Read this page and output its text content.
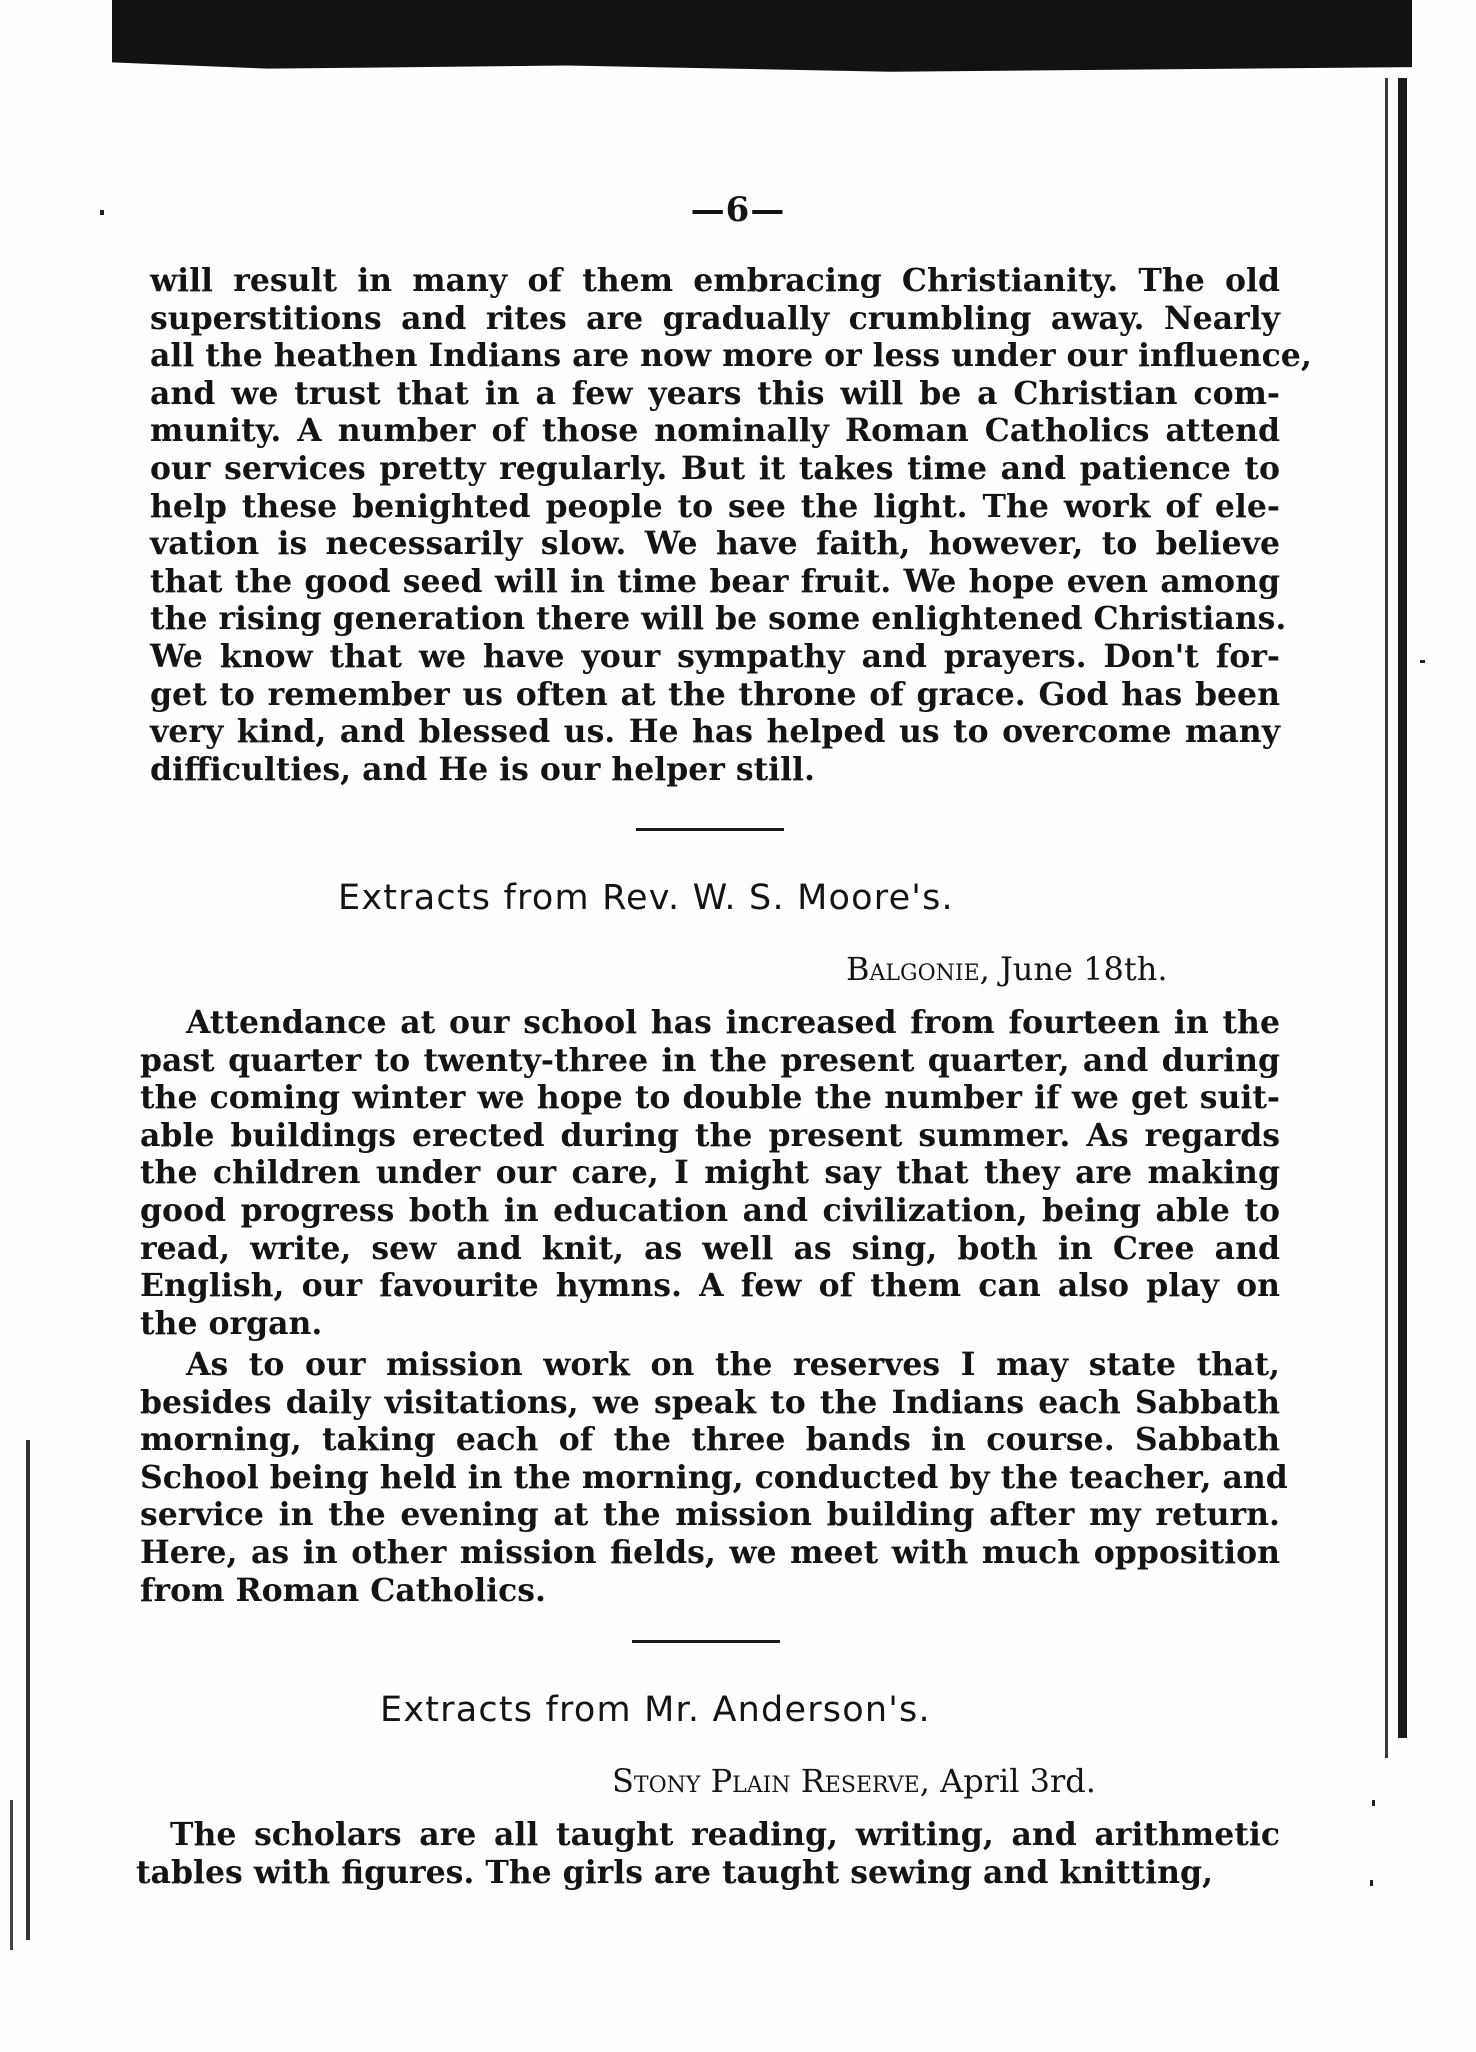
—6—
will result in many of them embracing Christianity. The old
superstitions and rites are gradually crumbling away. Nearly
all the heathen Indians are now more or less under our influence,
and we trust that in a few years this will be a Christian com-
munity. A number of those nominally Roman Catholics attend
our services pretty regularly. But it takes time and patience to
help these benighted people to see the light. The work of ele-
vation is necessarily slow. We have faith, however, to believe
that the good seed will in time bear fruit. We hope even among
the rising generation there will be some enlightened Christians.
We know that we have your sympathy and prayers. Don't for-
get to remember us often at the throne of grace. God has been
very kind, and blessed us. He has helped us to overcome many
difficulties, and He is our helper still.
Extracts from Rev. W. S. Moore's.
Balgonie, June 18th.
Attendance at our school has increased from fourteen in the
past quarter to twenty-three in the present quarter, and during
the coming winter we hope to double the number if we get suit-
able buildings erected during the present summer. As regards
the children under our care, I might say that they are making
good progress both in education and civilization, being able to
read, write, sew and knit, as well as sing, both in Cree and
English, our favourite hymns. A few of them can also play on
the organ.
As to our mission work on the reserves I may state that,
besides daily visitations, we speak to the Indians each Sabbath
morning, taking each of the three bands in course. Sabbath
School being held in the morning, conducted by the teacher, and
service in the evening at the mission building after my return.
Here, as in other mission fields, we meet with much opposition
from Roman Catholics.
Extracts from Mr. Anderson's.
Stony Plain Reserve, April 3rd.
The scholars are all taught reading, writing, and arithmetic
tables with figures. The girls are taught sewing and knitting,
